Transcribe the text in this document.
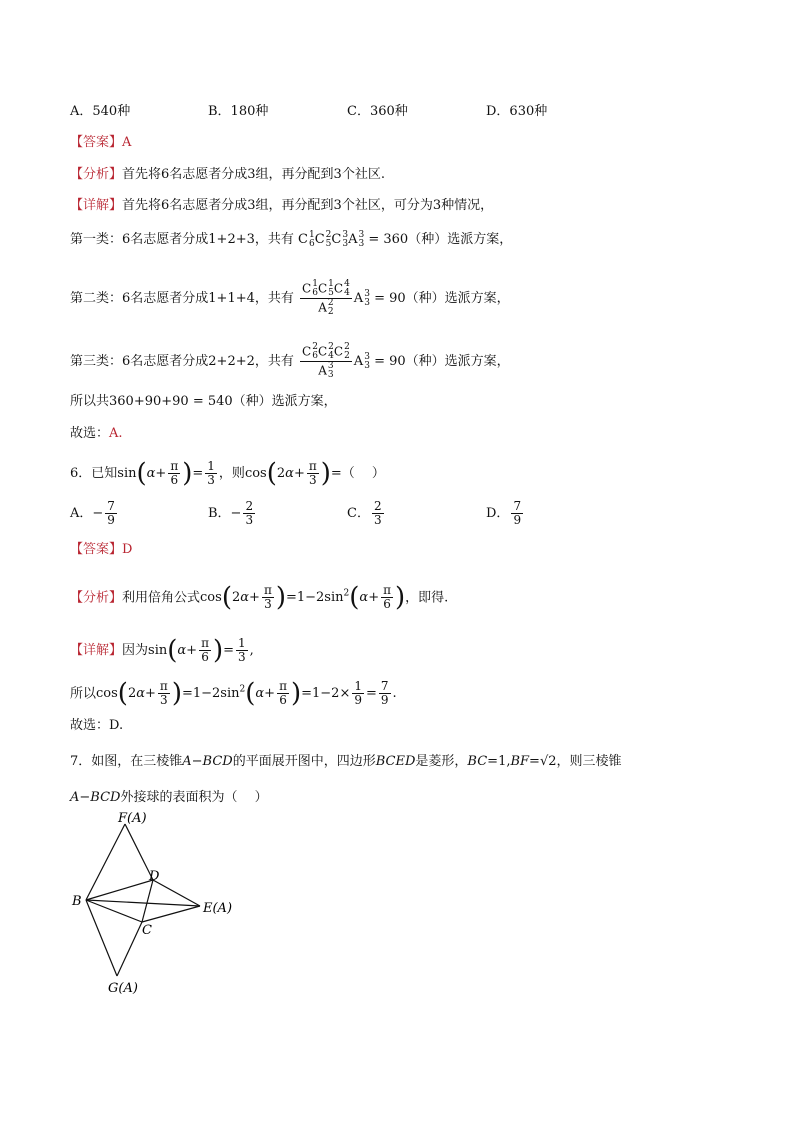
A．540种	B．180种	C．360种	D．630种
【答案】A
【分析】首先将6名志愿者分成3组，再分配到3个社区.
【详解】首先将6名志愿者分成3组，再分配到3个社区，可分为3种情况，
第一类：6名志愿者分成1+2+3，共有 C 1
6 C 2
5 C 3
3 A 3
3 = 360（种）选派方案，
第二类：6名志愿者分成1+1+4，共有 C 1
6 C 1
5 C 4
4
A 2
2 A 3
3 = 90（种）选派方案，
第三类：6名志愿者分成2+2+2，共有 C 2
6 C 2
4 C 2
2
A 3
3 A 3
3 = 90（种）选派方案，
所以共360+90+90 = 540（种）选派方案，
故选：A.
6．已知$\sin(\alpha+ \frac{\pi}{6}$ )= $\frac{1}{3}$ ，则$\cos(2\alpha+ \frac{\pi}{3}$ )=（　 ）
A．− $\frac{7}{9}$	B．− $\frac{2}{3}$	C． $\frac{2}{3}$	D． $\frac{7}{9}$
【答案】D
【分析】利用倍角公式$\cos(2\alpha+ \frac{\pi}{3} )=1-2\sin^2(\alpha+ \frac{\pi}{6}$ )，即得.
【详解】因为$\sin(\alpha+ \frac{\pi}{6}$ )= $\frac{1}{3}$ ,
所以$\cos(2\alpha+ \frac{\pi}{3} )=1-2\sin^2(\alpha+ \frac{\pi}{6} )=1-2\times \frac{1}{9} = \frac{7}{9}$ .
故选：D.
7．如图，在三棱锥A−BCD的平面展开图中，四边形BCED是菱形，BC=1,BF=√2，则三棱锥
A−BCD外接球的表面积为（　 ）
F(A)
D
B	E(A)
C
G(A)
